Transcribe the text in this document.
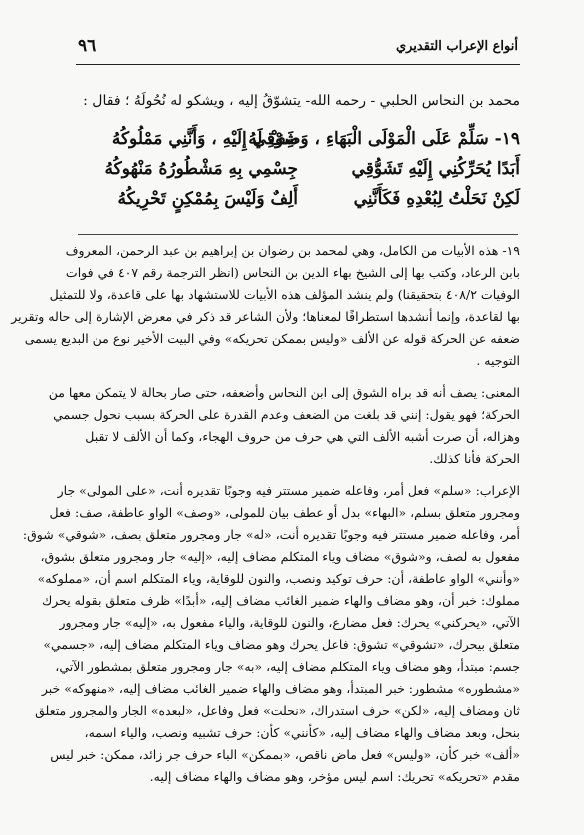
٩٦	أنواع الإعراب التقديري
محمد بن النحاس الحلبي - رحمه الله- يتشوّقُ إليه ، ويشكو له نُحُولَهُ ؛ فقال :
١٩- سَلِّمْ عَلَى الْمَوْلَى الْبَهَاءِ ، وَصِفْ لَهُ
شَوْقِي إِلَيْهِ ، وَأَنَّنِي مَمْلُوكُهُ
أَبَدًا يُحَرِّكُنِي إِلَيْهِ تَشَوُّقِي
جِسْمِي بِهِ مَشْطُورُهُ مَنْهُوكُهُ
لَكِنْ نَحَلْتُ لِبُعْدِهِ فَكَأَنَّنِي
أَلِفٌ وَلَيْسَ بِمُمْكِنٍ تَحْرِيكُهُ
١٩- هذه الأبيات من الكامل، وهي لمحمد بن رضوان بن إبراهيم بن عبد الرحمن، المعروف
بابن الرعاد، وكتب بها إلى الشيخ بهاء الدين بن النحاس (انظر الترجمة رقم ٤٠٧ في فوات
الوفيات ٤٠٨/٢ بتحقيقنا) ولم ينشد المؤلف هذه الأبيات للاستشهاد بها على قاعدة، ولا للتمثيل
بها لقاعدة، وإنما أنشدها استطرافًا لمعناها؛ ولأن الشاعر قد ذكر في معرض الإشارة إلى حاله وتقرير
ضعفه عن الحركة قوله عن الألف «وليس بممكن تحريكه» وفي البيت الأخير نوع من البديع يسمى
التوجيه .
المعنى: يصف أنه قد براه الشوق إلى ابن النحاس وأضعفه، حتى صار بحالة لا يتمكن معها من
الحركة؛ فهو يقول: إنني قد بلغت من الضعف وعدم القدرة على الحركة بسبب نحول جسمي
وهزاله، أن صرت أشبه الألف التي هي حرف من حروف الهجاء، وكما أن الألف لا تقبل
الحركة فأنا كذلك.
الإعراب: «سلم» فعل أمر، وفاعله ضمير مستتر فيه وجوبًا تقديره أنت، «على المولى» جار
ومجرور متعلق بسلم، «البهاء» بدل أو عطف بيان للمولى، «وصف» الواو عاطفة، صف: فعل
أمر، وفاعله ضمير مستتر فيه وجوبًا تقديره أنت، «له» جار ومجرور متعلق بصف، «شوقي» شوق:
مفعول به لصف، و«شوق» مضاف وياء المتكلم مضاف إليه، «إليه» جار ومجرور متعلق بشوق،
«وأنني» الواو عاطفة، أن: حرف توكيد ونصب، والنون للوقاية، وياء المتكلم اسم أن، «مملوكه»
مملوك: خبر أن، وهو مضاف والهاء ضمير الغائب مضاف إليه، «أبدًا» ظرف متعلق بقوله يحرك
الآتي، «يحركني» يحرك: فعل مضارع، والنون للوقاية، والياء مفعول به، «إليه» جار ومجرور
متعلق بيحرك، «تشوقي» تشوق: فاعل يحرك وهو مضاف وياء المتكلم مضاف إليه، «جسمي»
جسم: مبتدأ، وهو مضاف وياء المتكلم مضاف إليه، «به» جار ومجرور متعلق بمشطور الآتي،
«مشطوره» مشطور: خبر المبتدأ، وهو مضاف والهاء ضمير الغائب مضاف إليه، «منهوكه» خبر
ثان ومضاف إليه، «لكن» حرف استدراك، «نحلت» فعل وفاعل، «لبعده» الجار والمجرور متعلق
بنحل، وبعد مضاف والهاء مضاف إليه، «كأنني» كأن: حرف تشبيه ونصب، والياء اسمه،
«ألف» خبر كأن، «وليس» فعل ماض ناقص، «بممكن» الباء حرف جر زائد، ممكن: خبر ليس
مقدم «تحريكه» تحريك: اسم ليس مؤخر، وهو مضاف والهاء مضاف إليه.
